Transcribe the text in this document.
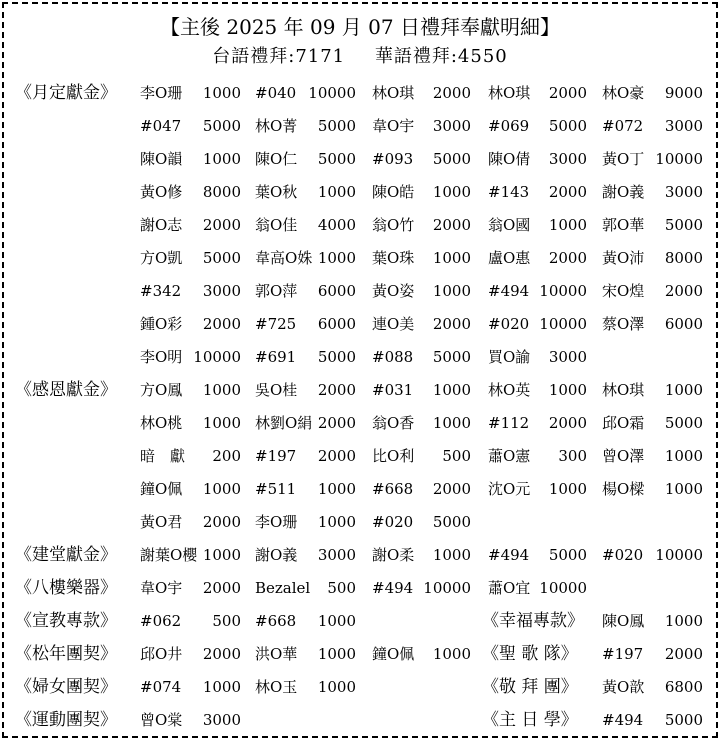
【主後 2025 年 09 月 07 日禮拜奉獻明細】
台語禮拜:7171 華語禮拜:4550
《月定獻金》 李O珊 1000 #040 10000 林O琪 2000 林O琪 2000 林O豪 9000
#047 5000 林O菁 5000 韋O宇 3000 #069 5000 #072 3000
陳O韻 1000 陳O仁 5000 #093 5000 陳O倩 3000 黃O丁 10000
黃O修 8000 葉O秋 1000 陳O皓 1000 #143 2000 謝O義 3000
謝O志 2000 翁O佳 4000 翁O竹 2000 翁O國 1000 郭O華 5000
方O凱 5000 韋高O姝 1000 葉O珠 1000 盧O惠 2000 黃O沛 8000
#342 3000 郭O萍 6000 黃O姿 1000 #494 10000 宋O煌 2000
鍾O彩 2000 #725 6000 連O美 2000 #020 10000 蔡O澤 6000
李O明 10000 #691 5000 #088 5000 買O諭 3000
《感恩獻金》 方O鳳 1000 吳O桂 2000 #031 1000 林O英 1000 林O琪 1000
林O桃 1000 林劉O絹 2000 翁O香 1000 #112 2000 邱O霜 5000
暗　獻 200 #197 2000 比O利 500 蕭O憲 300 曾O澤 1000
鐘O佩 1000 #511 1000 #668 2000 沈O元 1000 楊O樑 1000
黃O君 2000 李O珊 1000 #020 5000
《建堂獻金》 謝葉O櫻 1000 謝O義 3000 謝O柔 1000 #494 5000 #020 10000
《八樓樂器》 韋O宇 2000 Bezalel 500 #494 10000 蕭O宜 10000
《宣教專款》 #062 500 #668 1000	《幸福專款》 陳O鳳 1000
《松年團契》 邱O井 2000 洪O華 1000 鐘O佩 1000 《聖 歌 隊》 #197 2000
《婦女團契》 #074 1000 林O玉 1000	《敬 拜 團》 黃O歆 6800
《運動團契》 曾O棠 3000	《主 日 學》 #494 5000
